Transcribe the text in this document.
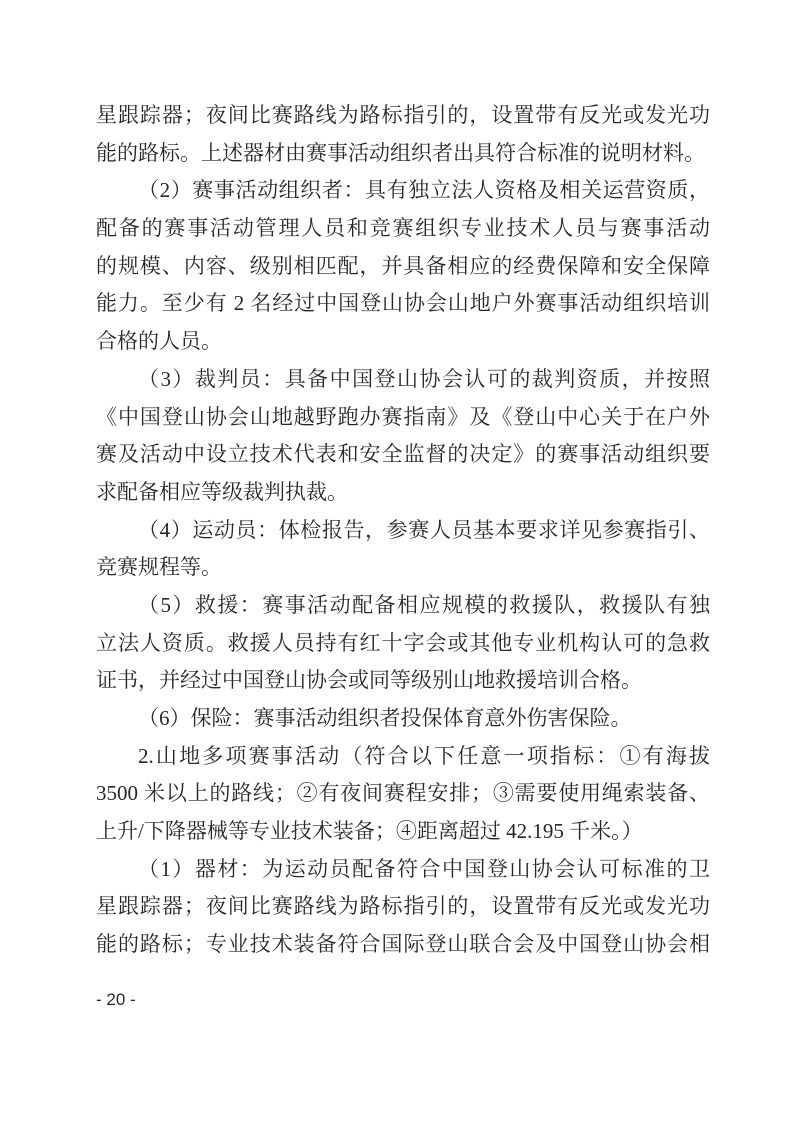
星跟踪器；夜间比赛路线为路标指引的，设置带有反光或发光功
能的路标。上述器材由赛事活动组织者出具符合标准的说明材料。
（2）赛事活动组织者：具有独立法人资格及相关运营资质，
配备的赛事活动管理人员和竞赛组织专业技术人员与赛事活动
的规模、内容、级别相匹配，并具备相应的经费保障和安全保障
能力。至少有 2 名经过中国登山协会山地户外赛事活动组织培训
合格的人员。
（3）裁判员：具备中国登山协会认可的裁判资质，并按照
《中国登山协会山地越野跑办赛指南》及《登山中心关于在户外
赛及活动中设立技术代表和安全监督的决定》的赛事活动组织要
求配备相应等级裁判执裁。
（4）运动员：体检报告，参赛人员基本要求详见参赛指引、
竞赛规程等。
（5）救援：赛事活动配备相应规模的救援队，救援队有独
立法人资质。救援人员持有红十字会或其他专业机构认可的急救
证书，并经过中国登山协会或同等级别山地救援培训合格。
（6）保险：赛事活动组织者投保体育意外伤害保险。
2.山地多项赛事活动（符合以下任意一项指标：①有海拔
3500 米以上的路线；②有夜间赛程安排；③需要使用绳索装备、
上升/下降器械等专业技术装备；④距离超过 42.195 千米。）
（1）器材：为运动员配备符合中国登山协会认可标准的卫
星跟踪器；夜间比赛路线为路标指引的，设置带有反光或发光功
能的路标；专业技术装备符合国际登山联合会及中国登山协会相
- 20 -
